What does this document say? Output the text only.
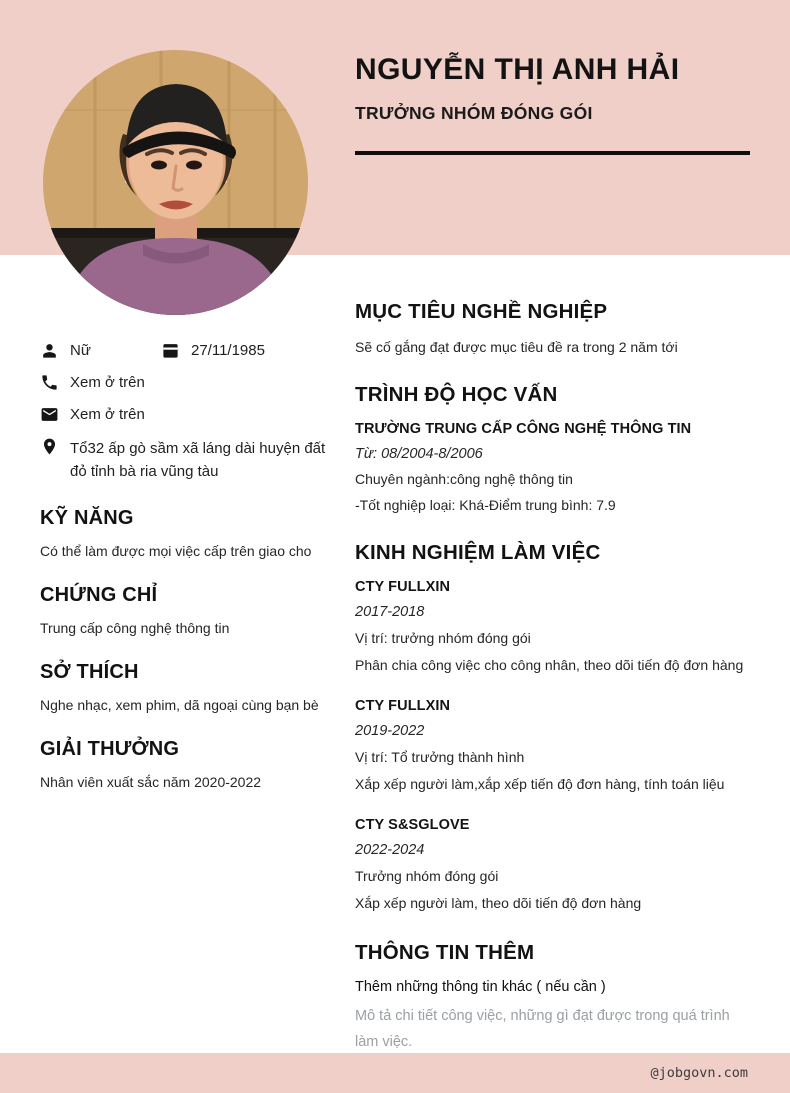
NGUYỄN THỊ ANH HẢI
TRƯỞNG NHÓM ĐÓNG GÓI
Nữ	27/11/1985
Xem ở trên
Xem ở trên
Tổ32 ấp gò sầm xã láng dài huyện đất đỏ tỉnh bà ria vũng tàu
KỸ NĂNG

Có thể làm được mọi việc cấp trên giao cho

CHỨNG CHỈ

Trung cấp công nghệ thông tin

SỞ THÍCH

Nghe nhạc, xem phim, dã ngoại cùng bạn bè

GIẢI THƯỞNG

Nhân viên xuất sắc năm 2020-2022

MỤC TIÊU NGHỀ NGHIỆP
Sẽ cố gắng đạt được mục tiêu đề ra trong 2 năm tới
TRÌNH ĐỘ HỌC VẤN
TRƯỜNG TRUNG CẤP CÔNG NGHỆ THÔNG TIN
Từ: 08/2004-8/2006
Chuyên ngành:công nghệ thông tin
-Tốt nghiệp loại: Khá-Điểm trung bình: 7.9
KINH NGHIỆM LÀM VIỆC
CTY FULLXIN
2017-2018
Vị trí: trưởng nhóm đóng gói
Phân chia công việc cho công nhân, theo dõi tiến độ đơn hàng
CTY FULLXIN
2019-2022
Vị trí: Tổ trưởng thành hình
Xắp xếp người làm,xắp xếp tiến độ đơn hàng, tính toán liệu
CTY S&SGLOVE
2022-2024
Trưởng nhóm đóng gói
Xắp xếp người làm, theo dõi tiến độ đơn hàng
THÔNG TIN THÊM
Thêm những thông tin khác ( nếu cần )
Mô tả chi tiết công việc, những gì đạt được trong quá trình làm việc.
@jobgovn.com
